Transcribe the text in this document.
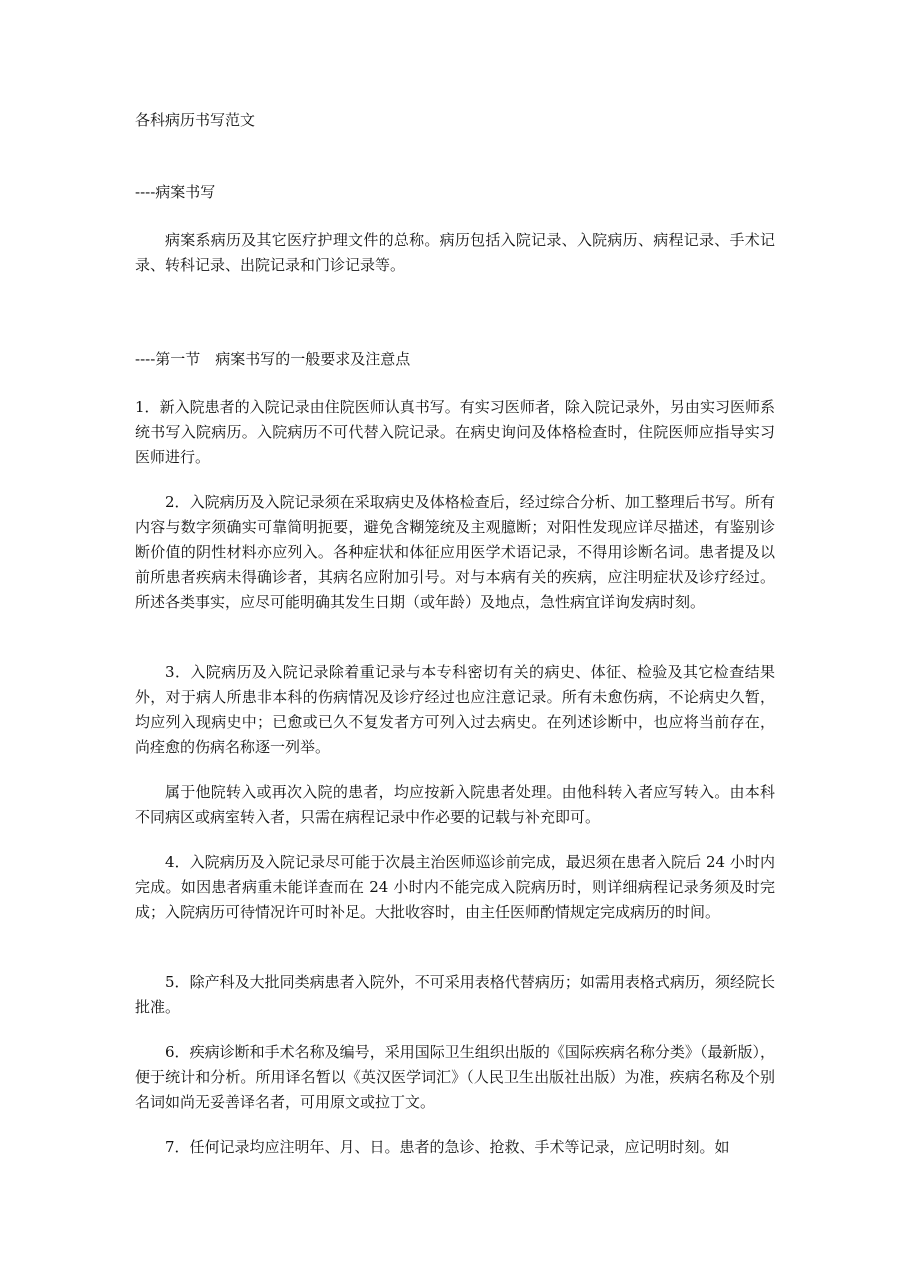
各科病历书写范文

----病案书写

病案系病历及其它医疗护理文件的总称。病历包括入院记录、入院病历、病程记录、手术记录、转科记录、出院记录和门诊记录等。

----第一节　病案书写的一般要求及注意点

1．新入院患者的入院记录由住院医师认真书写。有实习医师者，除入院记录外，另由实习医师系统书写入院病历。入院病历不可代替入院记录。在病史询问及体格检查时，住院医师应指导实习医师进行。

2．入院病历及入院记录须在采取病史及体格检查后，经过综合分析、加工整理后书写。所有内容与数字须确实可靠简明扼要，避免含糊笼统及主观臆断；对阳性发现应详尽描述，有鉴别诊断价值的阴性材料亦应列入。各种症状和体征应用医学术语记录，不得用诊断名词。患者提及以前所患者疾病未得确诊者，其病名应附加引号。对与本病有关的疾病，应注明症状及诊疗经过。所述各类事实，应尽可能明确其发生日期（或年龄）及地点，急性病宜详询发病时刻。

3．入院病历及入院记录除着重记录与本专科密切有关的病史、体征、检验及其它检查结果外，对于病人所患非本科的伤病情况及诊疗经过也应注意记录。所有未愈伤病，不论病史久暂，均应列入现病史中；已愈或已久不复发者方可列入过去病史。在列述诊断中，也应将当前存在，尚痊愈的伤病名称逐一列举。

属于他院转入或再次入院的患者，均应按新入院患者处理。由他科转入者应写转入。由本科不同病区或病室转入者，只需在病程记录中作必要的记载与补充即可。

4．入院病历及入院记录尽可能于次晨主治医师巡诊前完成，最迟须在患者入院后 24 小时内完成。如因患者病重未能详查而在 24 小时内不能完成入院病历时，则详细病程记录务须及时完成；入院病历可待情况许可时补足。大批收容时，由主任医师酌情规定完成病历的时间。

5．除产科及大批同类病患者入院外，不可采用表格代替病历；如需用表格式病历，须经院长批准。

6．疾病诊断和手术名称及编号，采用国际卫生组织出版的《国际疾病名称分类》（最新版），便于统计和分析。所用译名暂以《英汉医学词汇》（人民卫生出版社出版）为准，疾病名称及个别名词如尚无妥善译名者，可用原文或拉丁文。

7．任何记录均应注明年、月、日。患者的急诊、抢救、手术等记录，应记明时刻。如
